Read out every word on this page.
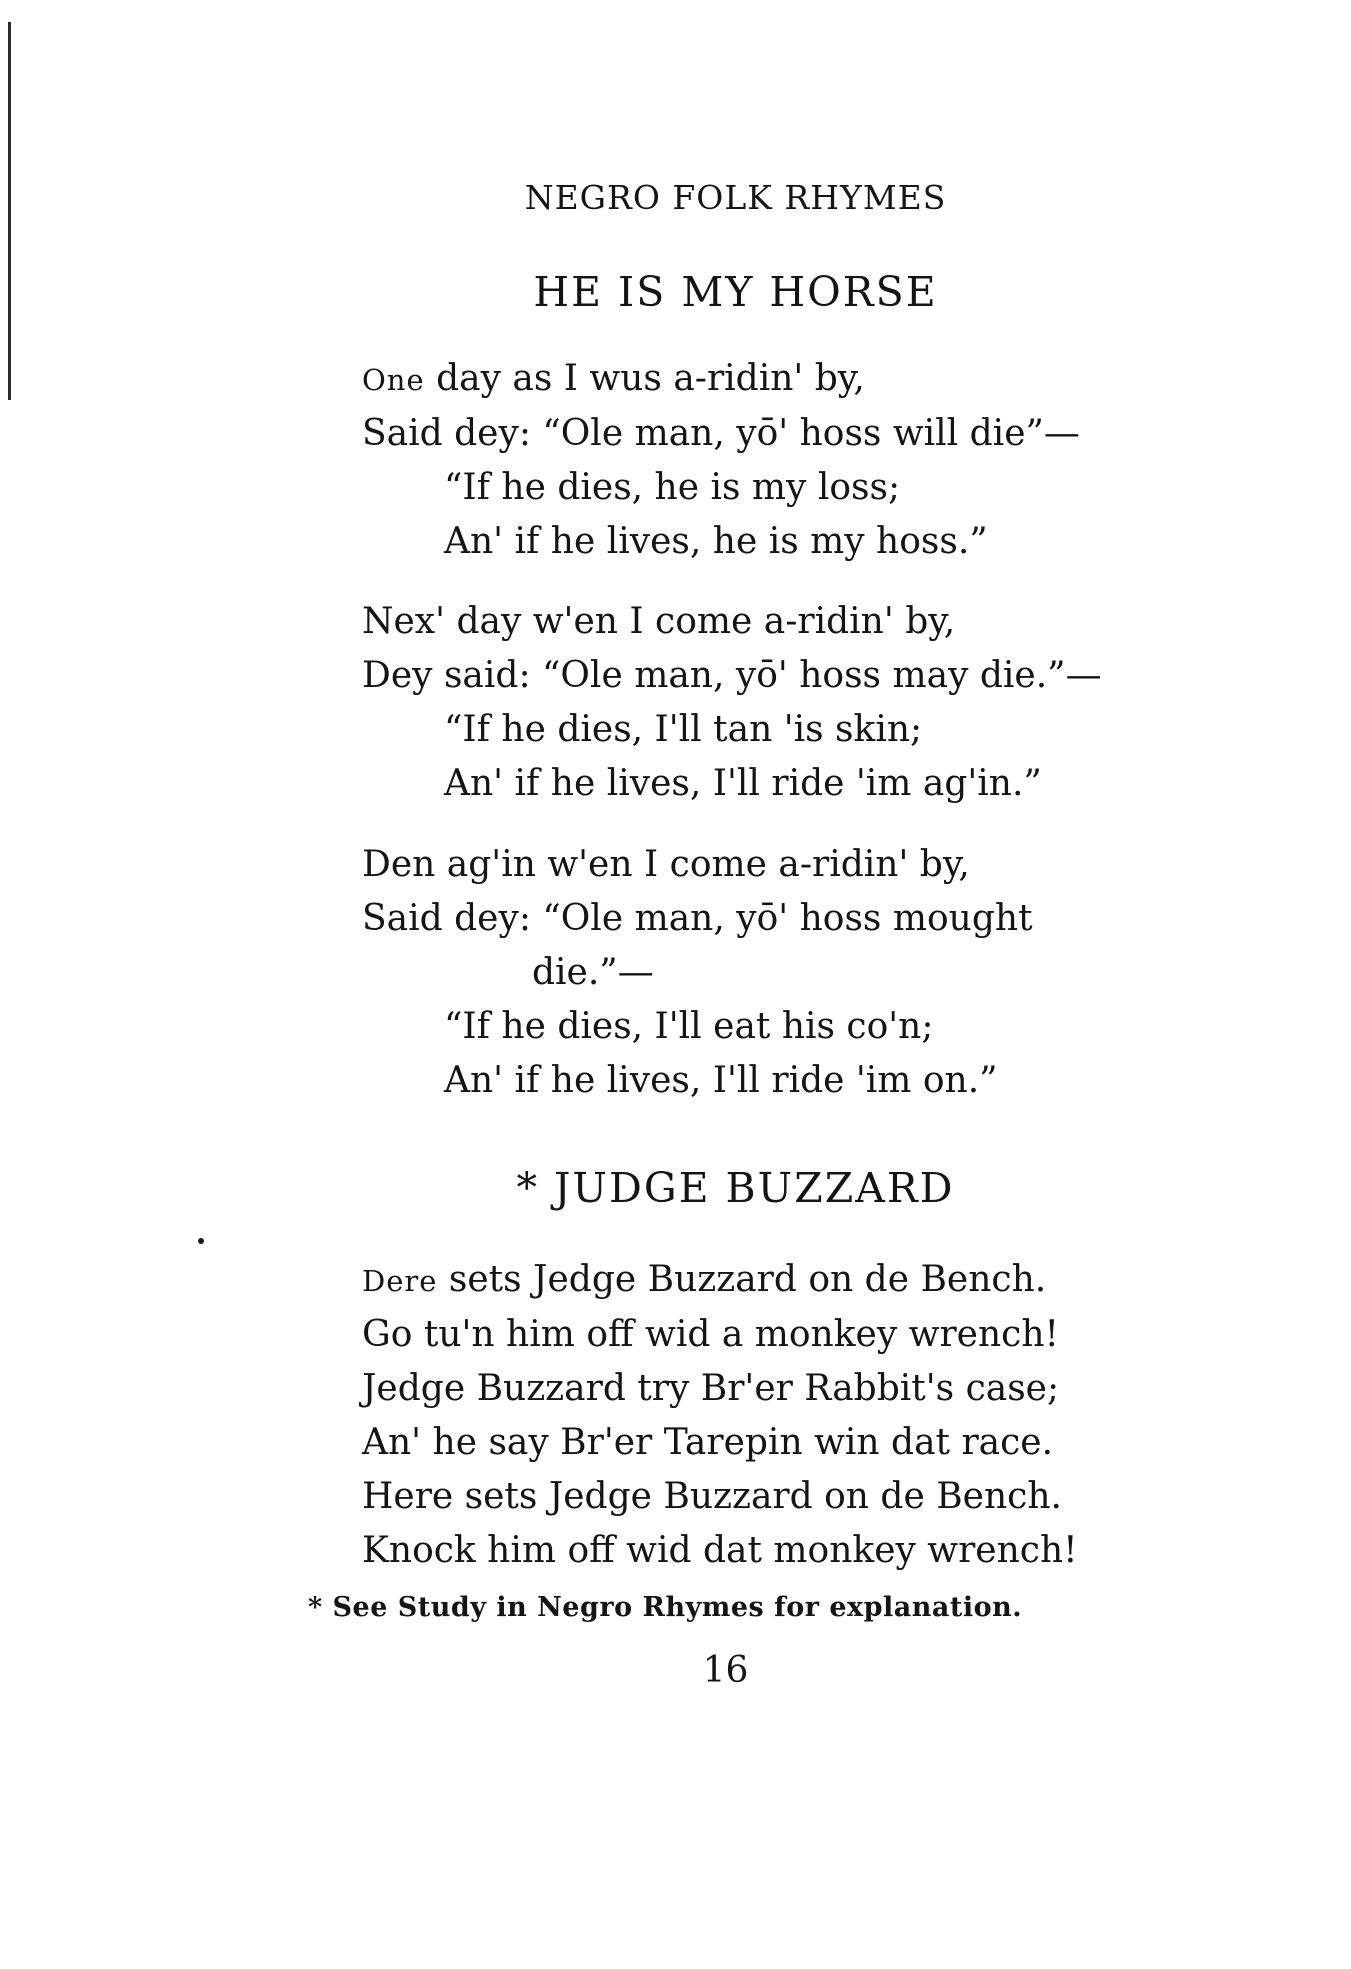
NEGRO FOLK RHYMES
HE IS MY HORSE
One day as I wus a-ridin' by,
Said dey: “Ole man, yō' hoss will die”—
“If he dies, he is my loss;
An' if he lives, he is my hoss.”
Nex' day w'en I come a-ridin' by,
Dey said: “Ole man, yō' hoss may die.”—
“If he dies, I'll tan 'is skin;
An' if he lives, I'll ride 'im ag'in.”
Den ag'in w'en I come a-ridin' by,
Said dey: “Ole man, yō' hoss mought
die.”—
“If he dies, I'll eat his co'n;
An' if he lives, I'll ride 'im on.”
* JUDGE BUZZARD
Dere sets Jedge Buzzard on de Bench.
Go tu'n him off wid a monkey wrench!
Jedge Buzzard try Br'er Rabbit's case;
An' he say Br'er Tarepin win dat race.
Here sets Jedge Buzzard on de Bench.
Knock him off wid dat monkey wrench!
* See Study in Negro Rhymes for explanation.
16
